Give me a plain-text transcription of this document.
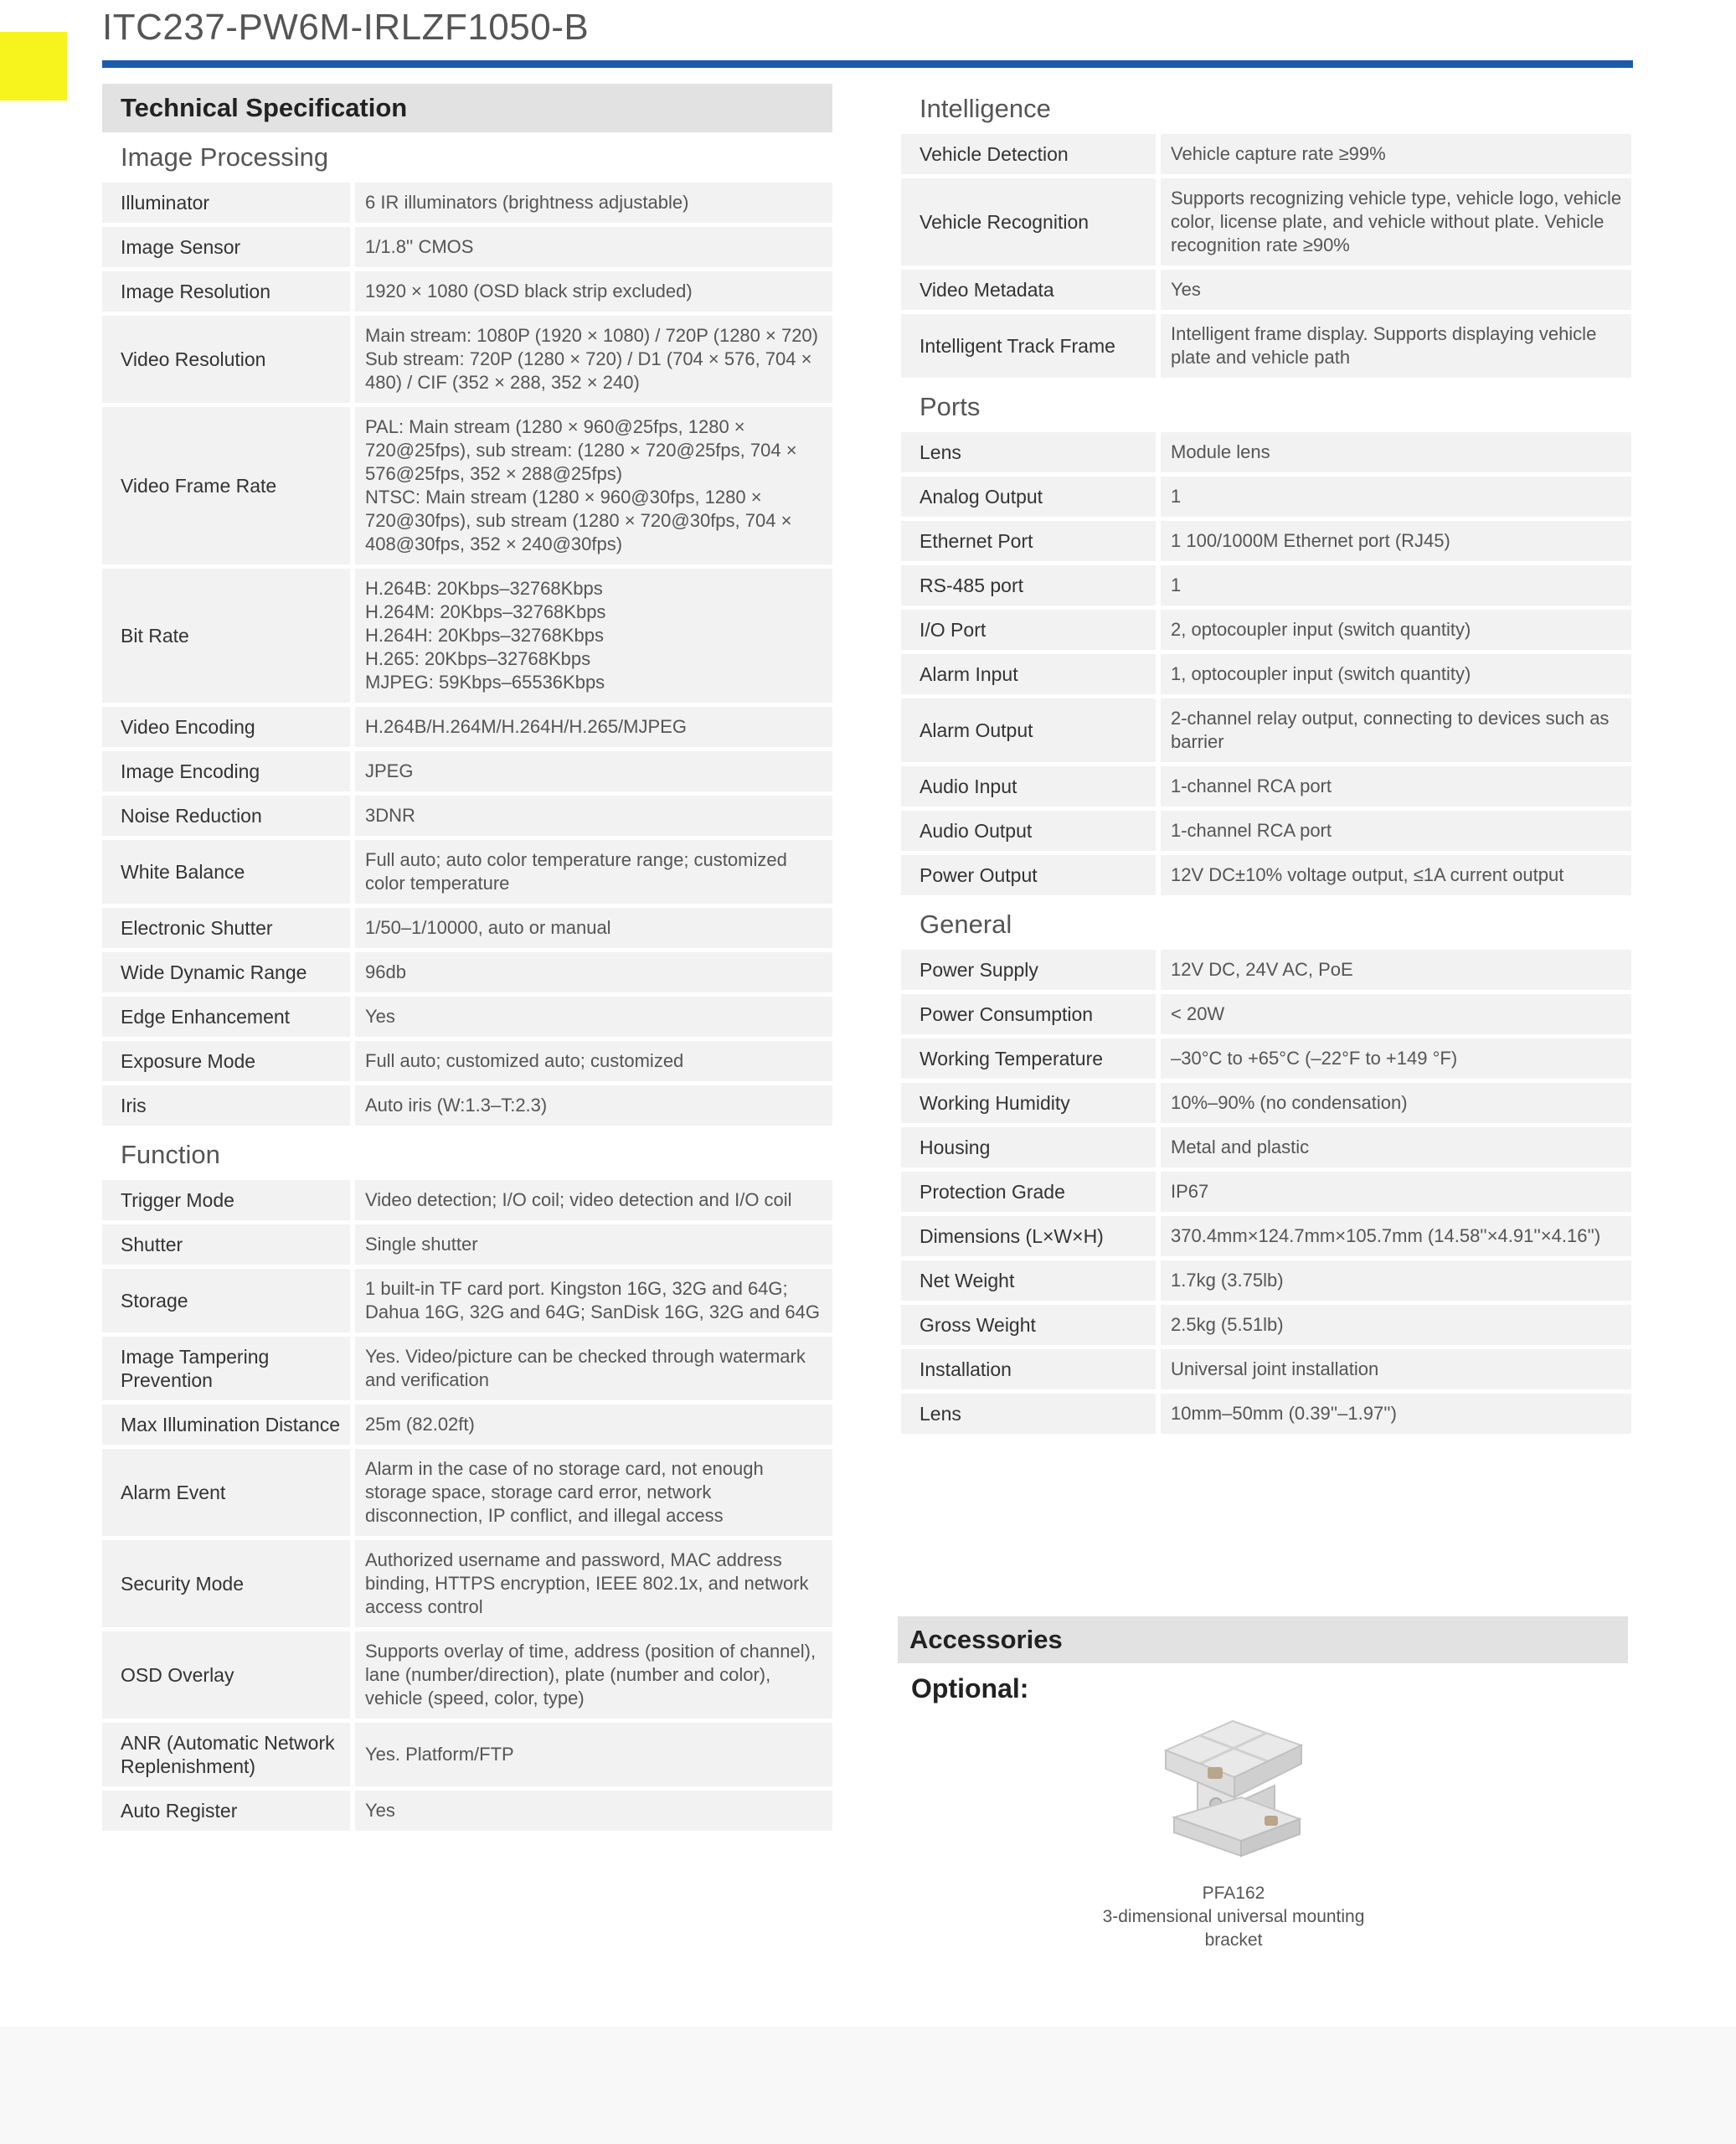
ITC237-PW6M-IRLZF1050-B
Technical Specification
Image Processing
Illuminator	6 IR illuminators (brightness adjustable)
Image Sensor	1/1.8'' CMOS
Image Resolution	1920 × 1080 (OSD black strip excluded)
Video Resolution	Main stream: 1080P (1920 × 1080) / 720P (1280 × 720)
Sub stream: 720P (1280 × 720) / D1 (704 × 576, 704 × 480) / CIF (352 × 288, 352 × 240)
Video Frame Rate	PAL: Main stream (1280 × 960@25fps, 1280 × 720@25fps), sub stream: (1280 × 720@25fps, 704 × 576@25fps, 352 × 288@25fps)
NTSC: Main stream (1280 × 960@30fps, 1280 × 720@30fps), sub stream (1280 × 720@30fps, 704 × 408@30fps, 352 × 240@30fps)
Bit Rate	H.264B: 20Kbps–32768Kbps
H.264M: 20Kbps–32768Kbps
H.264H: 20Kbps–32768Kbps
H.265: 20Kbps–32768Kbps
MJPEG: 59Kbps–65536Kbps
Video Encoding	H.264B/H.264M/H.264H/H.265/MJPEG
Image Encoding	JPEG
Noise Reduction	3DNR
White Balance	Full auto; auto color temperature range; customized color temperature
Electronic Shutter	1/50–1/10000, auto or manual
Wide Dynamic Range	96db
Edge Enhancement	Yes
Exposure Mode	Full auto; customized auto; customized
Iris	Auto iris (W:1.3–T:2.3)
Function
Trigger Mode	Video detection; I/O coil; video detection and I/O coil
Shutter	Single shutter
Storage	1 built-in TF card port. Kingston 16G, 32G and 64G; Dahua 16G, 32G and 64G; SanDisk 16G, 32G and 64G
Image Tampering Prevention	Yes. Video/picture can be checked through watermark and verification
Max Illumination Distance	25m (82.02ft)
Alarm Event	Alarm in the case of no storage card, not enough storage space, storage card error, network disconnection, IP conflict, and illegal access
Security Mode	Authorized username and password, MAC address binding, HTTPS encryption, IEEE 802.1x, and network access control
OSD Overlay	Supports overlay of time, address (position of channel), lane (number/direction), plate (number and color), vehicle (speed, color, type)
ANR (Automatic Network Replenishment)	Yes. Platform/FTP
Auto Register	Yes
Intelligence
Vehicle Detection	Vehicle capture rate ≥99%
Vehicle Recognition	Supports recognizing vehicle type, vehicle logo, vehicle color, license plate, and vehicle without plate. Vehicle recognition rate ≥90%
Video Metadata	Yes
Intelligent Track Frame	Intelligent frame display. Supports displaying vehicle plate and vehicle path
Ports
Lens	Module lens
Analog Output	1
Ethernet Port	1 100/1000M Ethernet port (RJ45)
RS-485 port	1
I/O Port	2, optocoupler input (switch quantity)
Alarm Input	1, optocoupler input (switch quantity)
Alarm Output	2-channel relay output, connecting to devices such as barrier
Audio Input	1-channel RCA port
Audio Output	1-channel RCA port
Power Output	12V DC±10% voltage output, ≤1A current output
General
Power Supply	12V DC, 24V AC, PoE
Power Consumption	< 20W
Working Temperature	–30°C to +65°C (–22°F to +149 °F)
Working Humidity	10%–90% (no condensation)
Housing	Metal and plastic
Protection Grade	IP67
Dimensions (L×W×H)	370.4mm×124.7mm×105.7mm (14.58''×4.91''×4.16'')
Net Weight	1.7kg (3.75lb)
Gross Weight	2.5kg (5.51lb)
Installation	Universal joint installation
Lens	10mm–50mm (0.39''–1.97'')
Accessories
Optional:
PFA162
3-dimensional universal mounting bracket
